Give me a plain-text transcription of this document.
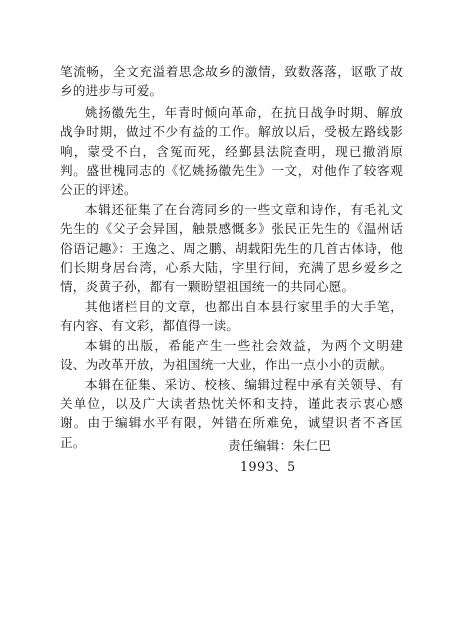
笔流畅，全文充溢着思念故乡的激情，致数落落，讴歌了故乡的进步与可爱。

姚扬徽先生，年青时倾向革命，在抗日战争时期、解放战争时期，做过不少有益的工作。解放以后，受极左路线影响，蒙受不白，含冤而死，经鄞县法院查明，现已撤消原判。盛世槐同志的《忆姚扬徽先生》一文，对他作了较客观公正的评述。

本辑还征集了在台湾同乡的一些文章和诗作，有毛礼文先生的《父子会异国，触景感慨多》张民正先生的《温州话俗语记趣》：王逸之、周之鹏、胡载阳先生的几首古体诗，他们长期身居台湾，心系大陆，字里行间，充满了思乡爱乡之情，炎黄子孙，都有一颗盼望祖国统一的共同心愿。

其他诸栏目的文章，也都出自本县行家里手的大手笔，有内容、有文彩，都值得一读。

本辑的出版，希能产生一些社会效益，为两个文明建设、为改革开放，为祖国统一大业，作出一点小小的贡献。

本辑在征集、采访、校核、编辑过程中承有关领导、有关单位，以及广大读者热忱关怀和支持，谨此表示衷心感谢。由于编辑水平有限，舛错在所难免，诚望识者不吝匡正。	责任编辑：朱仁巴
1993、5
